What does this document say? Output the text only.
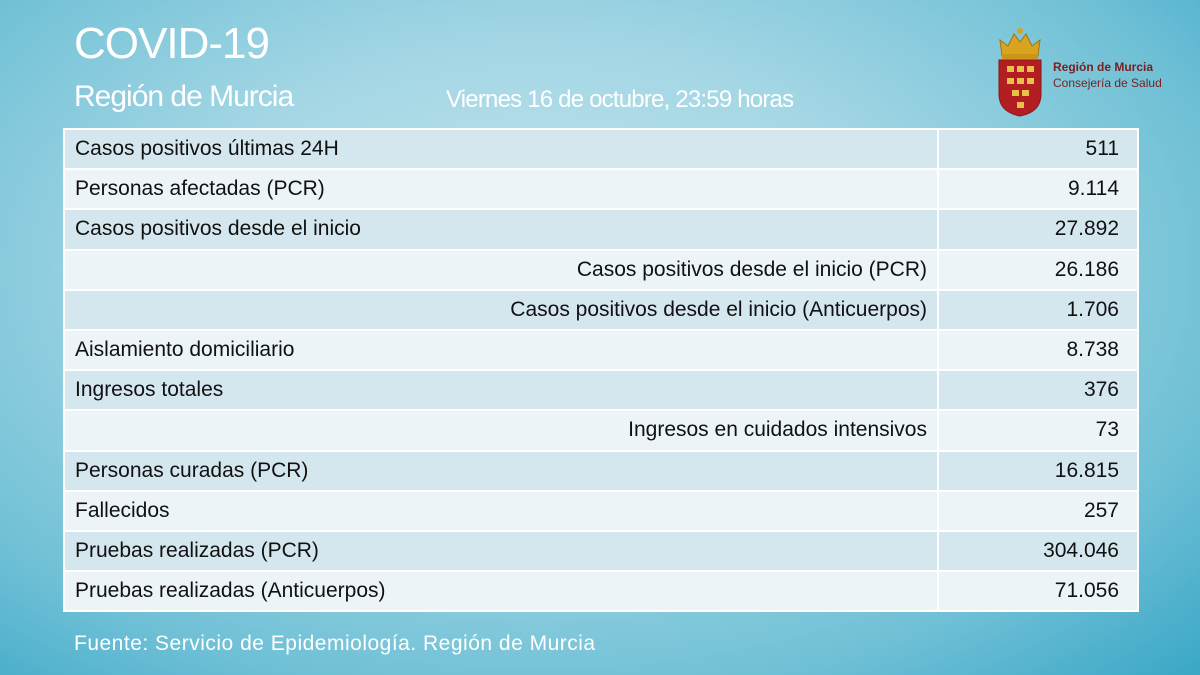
COVID-19
Región de Murcia	Viernes 16 de octubre, 23:59 horas
Región de Murcia
Consejería de Salud
Casos positivos últimas 24H	511
Personas afectadas (PCR)	9.114
Casos positivos desde el inicio	27.892
Casos positivos desde el inicio (PCR)	26.186
Casos positivos desde el inicio (Anticuerpos)	1.706
Aislamiento domiciliario	8.738
Ingresos totales	376
Ingresos en cuidados intensivos	73
Personas curadas (PCR)	16.815
Fallecidos	257
Pruebas realizadas (PCR)	304.046
Pruebas realizadas (Anticuerpos)	71.056
Fuente: Servicio de Epidemiología. Región de Murcia
